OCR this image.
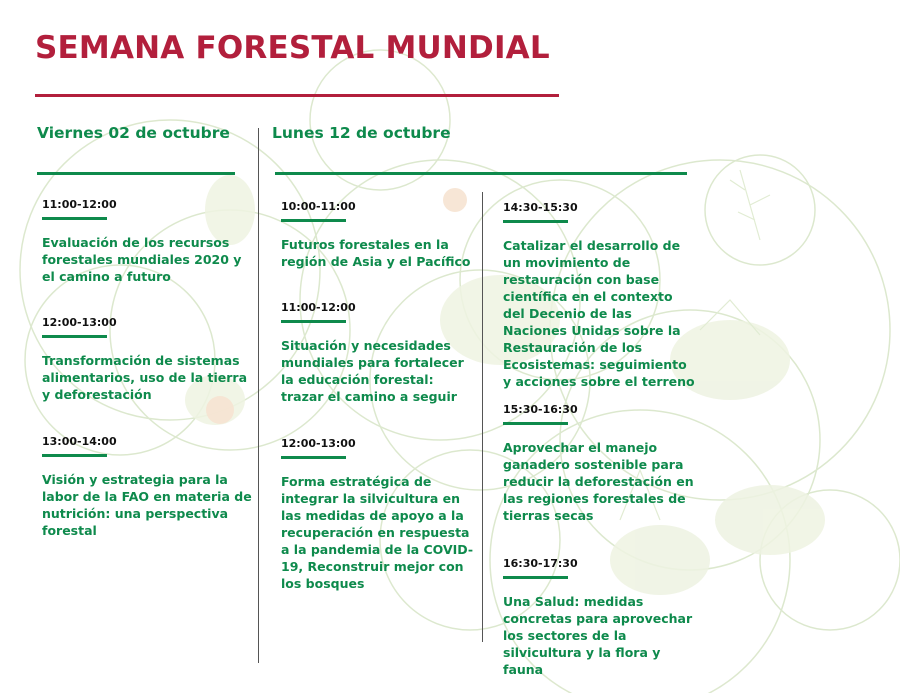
SEMANA FORESTAL MUNDIAL
Viernes 02 de octubre	Lunes 12 de octubre
11:00-12:00
Evaluación de los recursos forestales mundiales 2020 y el camino a futuro
12:00-13:00
Transformación de sistemas alimentarios, uso de la tierra y deforestación
13:00-14:00
Visión y estrategia para la labor de la FAO en materia de nutrición: una perspectiva forestal
10:00-11:00
Futuros forestales en la región de Asia y el Pacífico
11:00-12:00
Situación y necesidades mundiales para fortalecer la educación forestal: trazar el camino a seguir
12:00-13:00
Forma estratégica de integrar la silvicultura en las medidas de apoyo a la recuperación en respuesta a la pandemia de la COVID-19, Reconstruir mejor con los bosques
14:30-15:30
Catalizar el desarrollo de un movimiento de restauración con base científica en el contexto del Decenio de las Naciones Unidas sobre la Restauración de los Ecosistemas: seguimiento y acciones sobre el terreno
15:30-16:30
Aprovechar el manejo ganadero sostenible para reducir la deforestación en las regiones forestales de tierras secas
16:30-17:30
Una Salud: medidas concretas para aprovechar los sectores de la silvicultura y la flora y fauna
